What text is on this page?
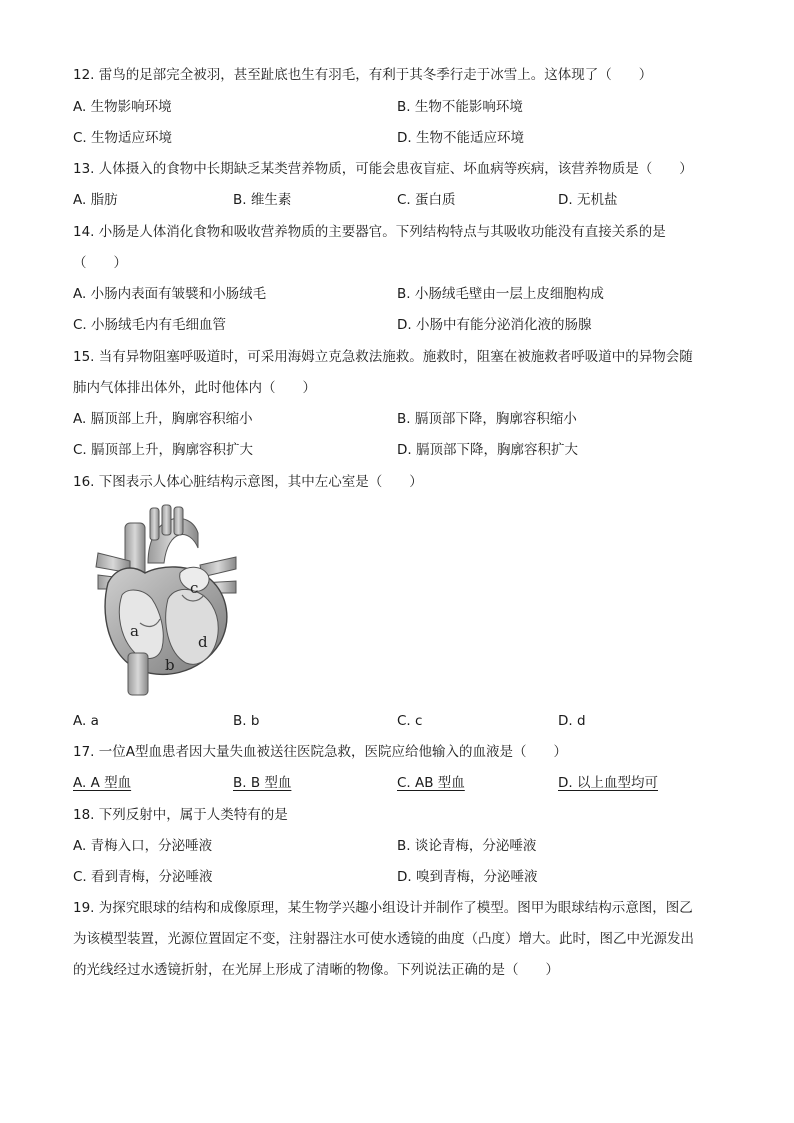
12. 雷鸟的足部完全被羽，甚至趾底也生有羽毛，有利于其冬季行走于冰雪上。这体现了（　　）
A. 生物影响环境	B. 生物不能影响环境
C. 生物适应环境	D. 生物不能适应环境
13. 人体摄入的食物中长期缺乏某类营养物质，可能会患夜盲症、坏血病等疾病，该营养物质是（　　）
A. 脂肪	B. 维生素	C. 蛋白质	D. 无机盐
14. 小肠是人体消化食物和吸收营养物质的主要器官。下列结构特点与其吸收功能没有直接关系的是
（　　）
A. 小肠内表面有皱襞和小肠绒毛	B. 小肠绒毛壁由一层上皮细胞构成
C. 小肠绒毛内有毛细血管	D. 小肠中有能分泌消化液的肠腺
15. 当有异物阻塞呼吸道时，可采用海姆立克急救法施救。施救时，阻塞在被施救者呼吸道中的异物会随
肺内气体排出体外，此时他体内（　　）
A. 膈顶部上升，胸廓容积缩小	B. 膈顶部下降，胸廓容积缩小
C. 膈顶部上升，胸廓容积扩大	D. 膈顶部下降，胸廓容积扩大
16. 下图表示人体心脏结构示意图，其中左心室是（　　）
a
b
c
d
A. a	B. b	C. c	D. d
17. 一位A型血患者因大量失血被送往医院急救，医院应给他输入的血液是（　　）
A. A 型血	B. B 型血	C. AB 型血	D. 以上血型均可
18. 下列反射中，属于人类特有的是
A. 青梅入口，分泌唾液	B. 谈论青梅，分泌唾液
C. 看到青梅，分泌唾液	D. 嗅到青梅，分泌唾液
19. 为探究眼球的结构和成像原理，某生物学兴趣小组设计并制作了模型。图甲为眼球结构示意图，图乙
为该模型装置，光源位置固定不变，注射器注水可使水透镜的曲度（凸度）增大。此时，图乙中光源发出
的光线经过水透镜折射，在光屏上形成了清晰的物像。下列说法正确的是（　　）
